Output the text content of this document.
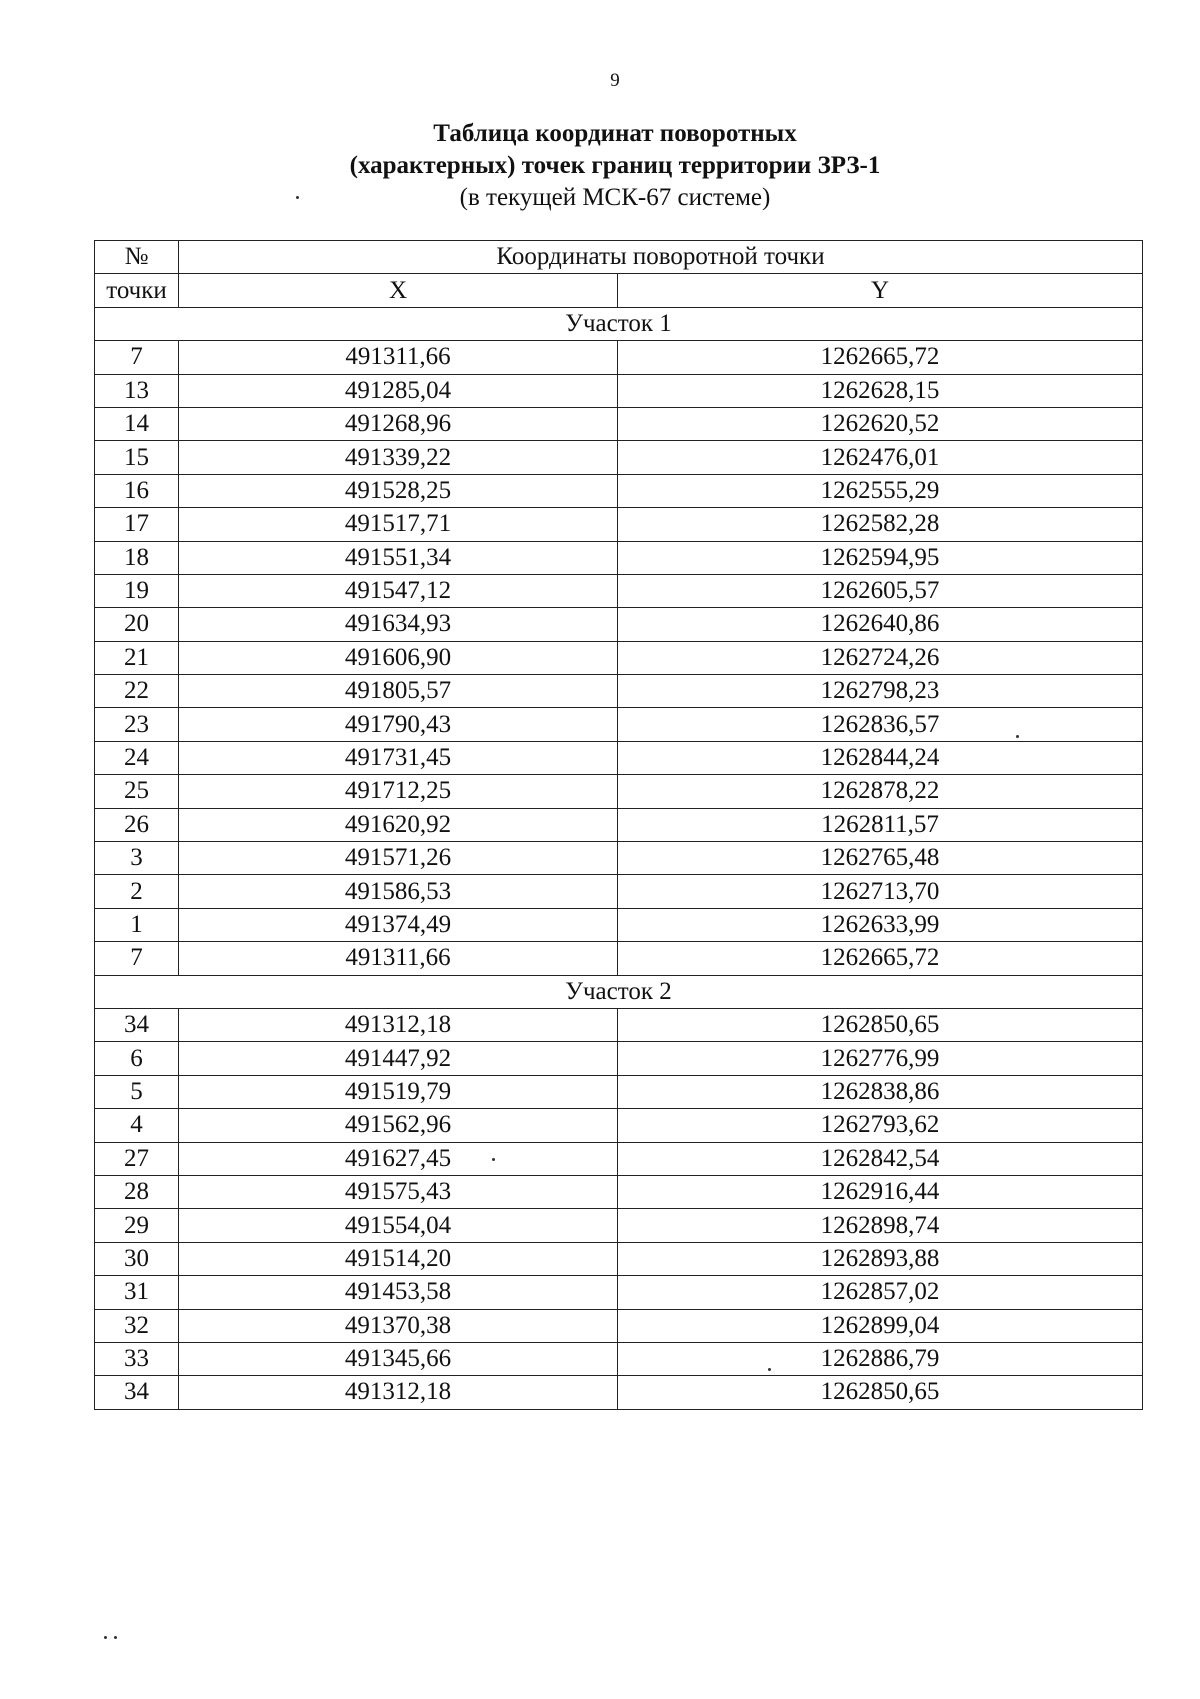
9
Таблица координат поворотных
(характерных) точек границ территории ЗРЗ-1
(в текущей МСК-67 системе)
№	Координаты поворотной точки	
точки	X	Y
Участок 1		
7	491311,66	1262665,72
13	491285,04	1262628,15
14	491268,96	1262620,52
15	491339,22	1262476,01
16	491528,25	1262555,29
17	491517,71	1262582,28
18	491551,34	1262594,95
19	491547,12	1262605,57
20	491634,93	1262640,86
21	491606,90	1262724,26
22	491805,57	1262798,23
23	491790,43	1262836,57
24	491731,45	1262844,24
25	491712,25	1262878,22
26	491620,92	1262811,57
3	491571,26	1262765,48
2	491586,53	1262713,70
1	491374,49	1262633,99
7	491311,66	1262665,72
Участок 2		
34	491312,18	1262850,65
6	491447,92	1262776,99
5	491519,79	1262838,86
4	491562,96	1262793,62
27	491627,45	1262842,54
28	491575,43	1262916,44
29	491554,04	1262898,74
30	491514,20	1262893,88
31	491453,58	1262857,02
32	491370,38	1262899,04
33	491345,66	1262886,79
34	491312,18	1262850,65
